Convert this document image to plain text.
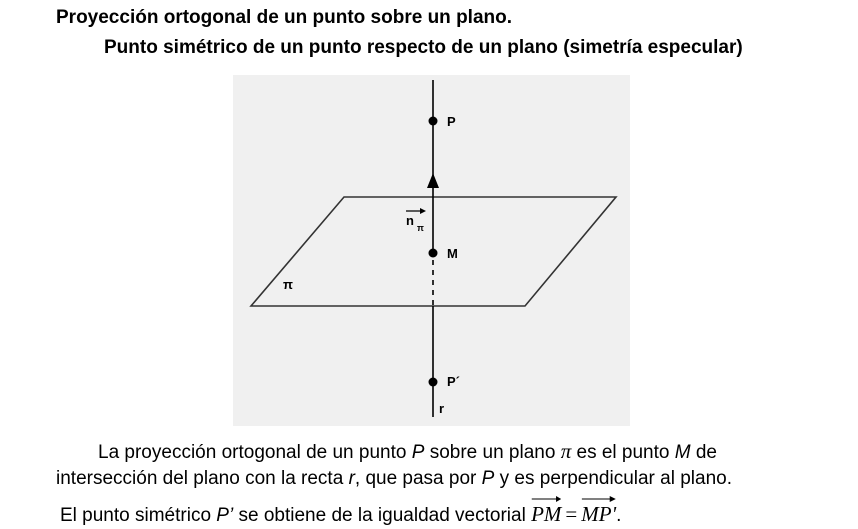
Proyección ortogonal de un punto sobre un plano.
Punto simétrico de un punto respecto de un plano (simetría especular)
P
M
P´
r
π
n π
La proyección ortogonal de un punto P sobre un plano π es el punto M de
intersección del plano con la recta r, que pasa por P y es perpendicular al plano.
El punto simétrico P’ se obtiene de la igualdad vectorial
PM = MP'.
